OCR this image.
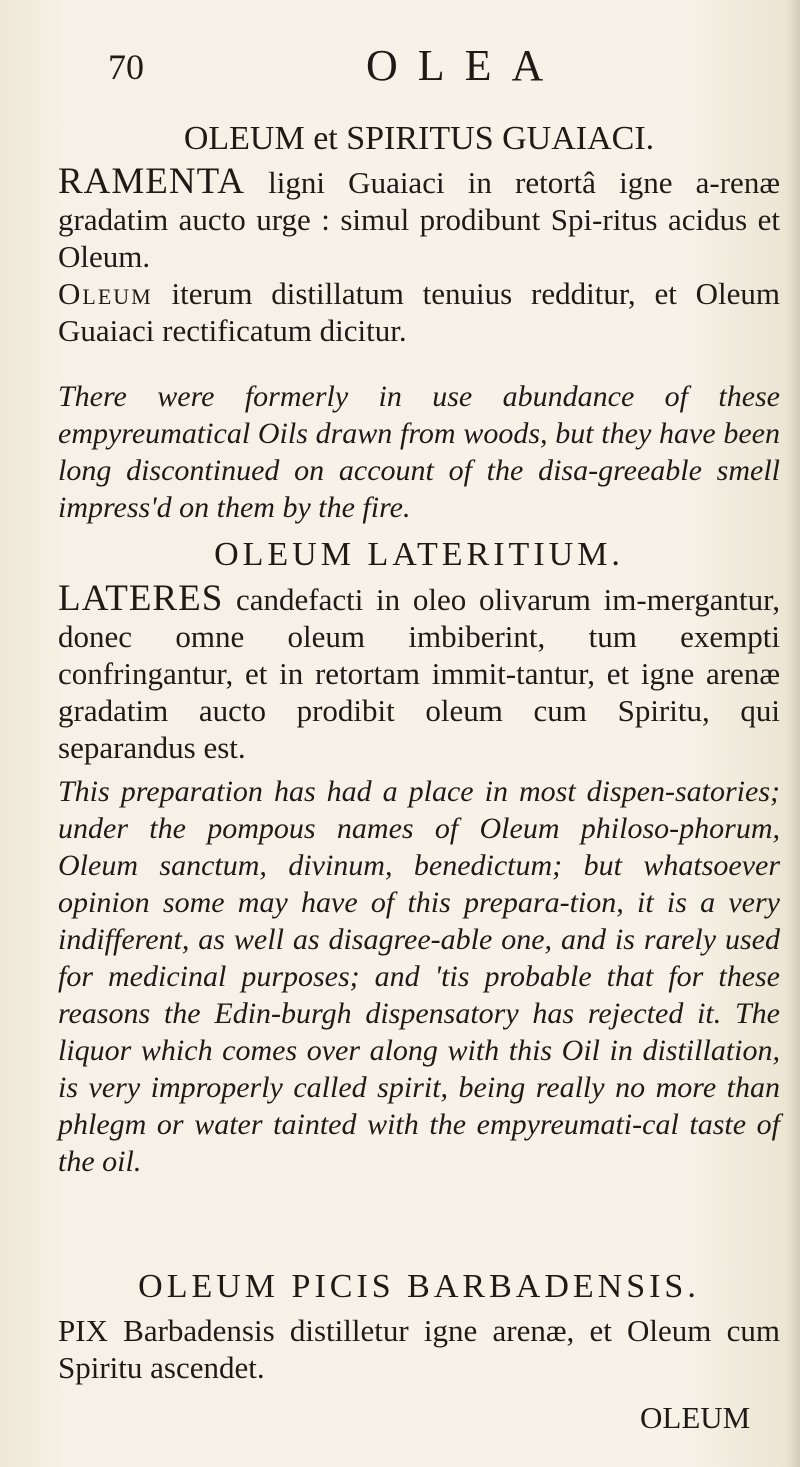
70	OLEA
OLEUM et SPIRITUS GUAIACI.
RAMENTA ligni Guaiaci in retortâ igne a-renæ gradatim aucto urge : simul prodibunt Spi-ritus acidus et Oleum.
Oleum iterum distillatum tenuius redditur, et Oleum Guaiaci rectificatum dicitur.
There were formerly in use abundance of these empyreumatical Oils drawn from woods, but they have been long discontinued on account of the disa-greeable smell impress'd on them by the fire.
OLEUM LATERITIUM.
LATERES candefacti in oleo olivarum im-mergantur, donec omne oleum imbiberint, tum exempti confringantur, et in retortam immit-tantur, et igne arenæ gradatim aucto prodibit oleum cum Spiritu, qui separandus est.
This preparation has had a place in most dispen-satories; under the pompous names of Oleum philoso-phorum, Oleum sanctum, divinum, benedictum; but whatsoever opinion some may have of this prepara-tion, it is a very indifferent, as well as disagree-able one, and is rarely used for medicinal purposes; and 'tis probable that for these reasons the Edin-burgh dispensatory has rejected it. The liquor which comes over along with this Oil in distillation, is very improperly called spirit, being really no more than phlegm or water tainted with the empyreumati-cal taste of the oil.
OLEUM PICIS BARBADENSIS.
PIX Barbadensis distilletur igne arenæ, et Oleum cum Spiritu ascendet.
OLEUM
